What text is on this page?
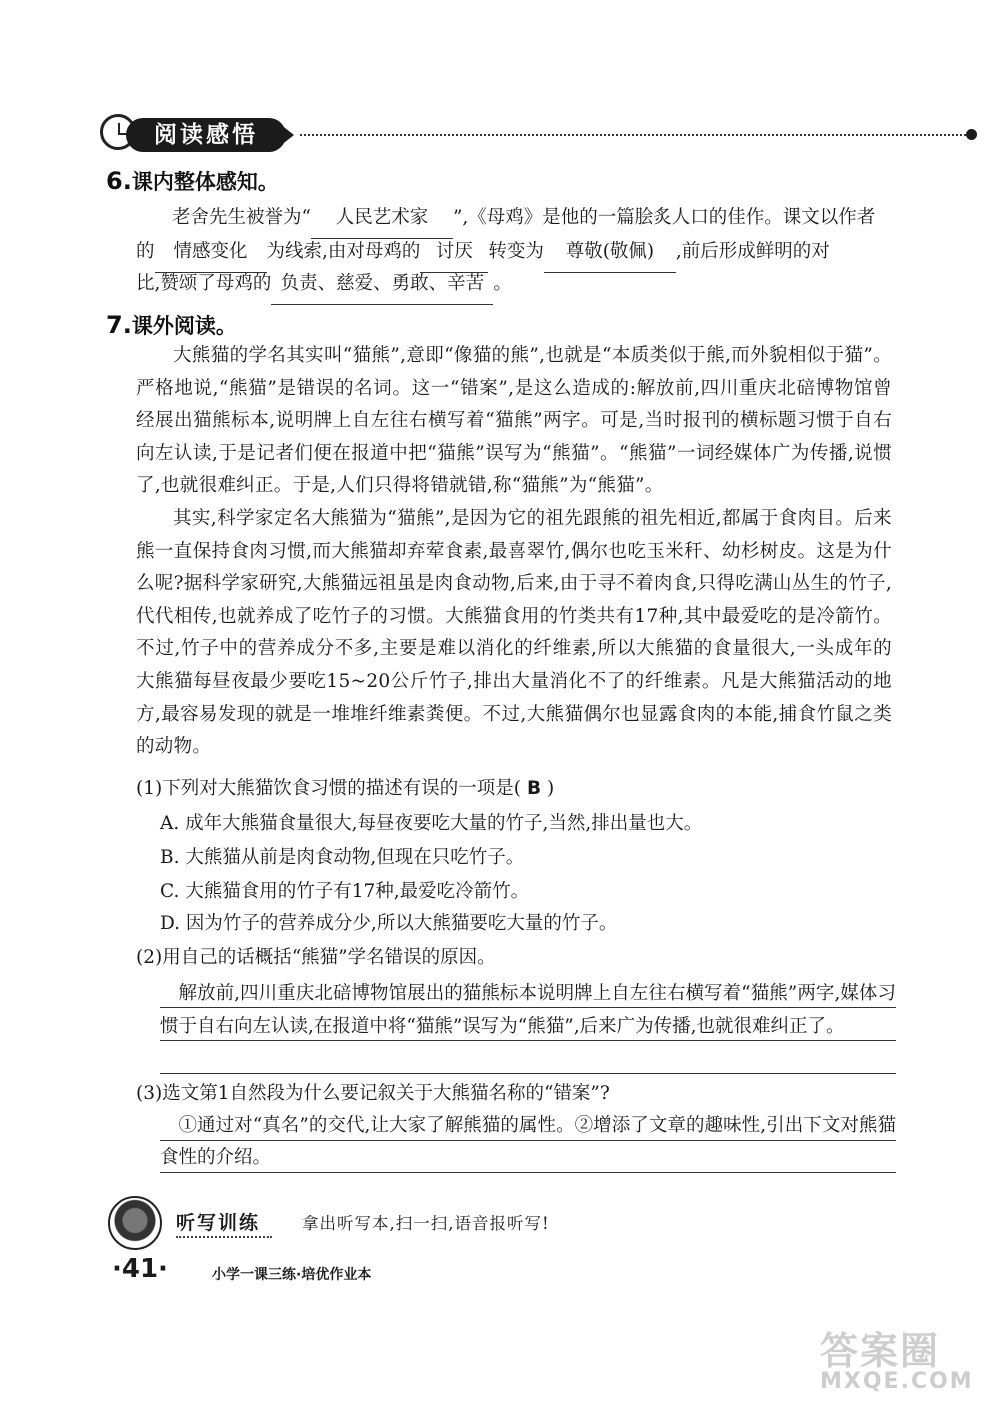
阅读感悟
6.课内整体感知。
老舍先生被誉为“ 人民艺术家 ”,《母鸡》是他的一篇脍炙人口的佳作。课文以作者
的 情感变化 为线索,由对母鸡的 讨厌 转变为 尊敬(敬佩) ,前后形成鲜明的对
比,赞颂了母鸡的 负责、慈爱、勇敢、辛苦 。
7.课外阅读。

大熊猫的学名其实叫“猫熊”,意即“像猫的熊”,也就是“本质类似于熊,而外貌相似于猫”。严格地说,“熊猫”是错误的名词。这一“错案”,是这么造成的:解放前,四川重庆北碚博物馆曾经展出猫熊标本,说明牌上自左往右横写着“猫熊”两字。可是,当时报刊的横标题习惯于自右向左认读,于是记者们便在报道中把“猫熊”误写为“熊猫”。“熊猫”一词经媒体广为传播,说惯了,也就很难纠正。于是,人们只得将错就错,称“猫熊”为“熊猫”。

其实,科学家定名大熊猫为“猫熊”,是因为它的祖先跟熊的祖先相近,都属于食肉目。后来熊一直保持食肉习惯,而大熊猫却弃荤食素,最喜翠竹,偶尔也吃玉米秆、幼杉树皮。这是为什么呢?据科学家研究,大熊猫远祖虽是肉食动物,后来,由于寻不着肉食,只得吃满山丛生的竹子,代代相传,也就养成了吃竹子的习惯。大熊猫食用的竹类共有17种,其中最爱吃的是冷箭竹。不过,竹子中的营养成分不多,主要是难以消化的纤维素,所以大熊猫的食量很大,一头成年的大熊猫每昼夜最少要吃15~20公斤竹子,排出大量消化不了的纤维素。凡是大熊猫活动的地方,最容易发现的就是一堆堆纤维素粪便。不过,大熊猫偶尔也显露食肉的本能,捕食竹鼠之类的动物。

(1)下列对大熊猫饮食习惯的描述有误的一项是( B )
A. 成年大熊猫食量很大,每昼夜要吃大量的竹子,当然,排出量也大。
B. 大熊猫从前是肉食动物,但现在只吃竹子。
C. 大熊猫食用的竹子有17种,最爱吃冷箭竹。
D. 因为竹子的营养成分少,所以大熊猫要吃大量的竹子。
(2)用自己的话概括“熊猫”学名错误的原因。
解放前,四川重庆北碚博物馆展出的猫熊标本说明牌上自左往右横写着“猫熊”两字,媒体习惯于自右向左认读,在报道中将“猫熊”误写为“熊猫”,后来广为传播,也就很难纠正了。
(3)选文第1自然段为什么要记叙关于大熊猫名称的“错案”?
①通过对“真名”的交代,让大家了解熊猫的属性。②增添了文章的趣味性,引出下文对熊猫食性的介绍。
听写训练	拿出听写本,扫一扫,语音报听写!
·41·	小学一课三练·培优作业本
答案圈
MXQE.COM
